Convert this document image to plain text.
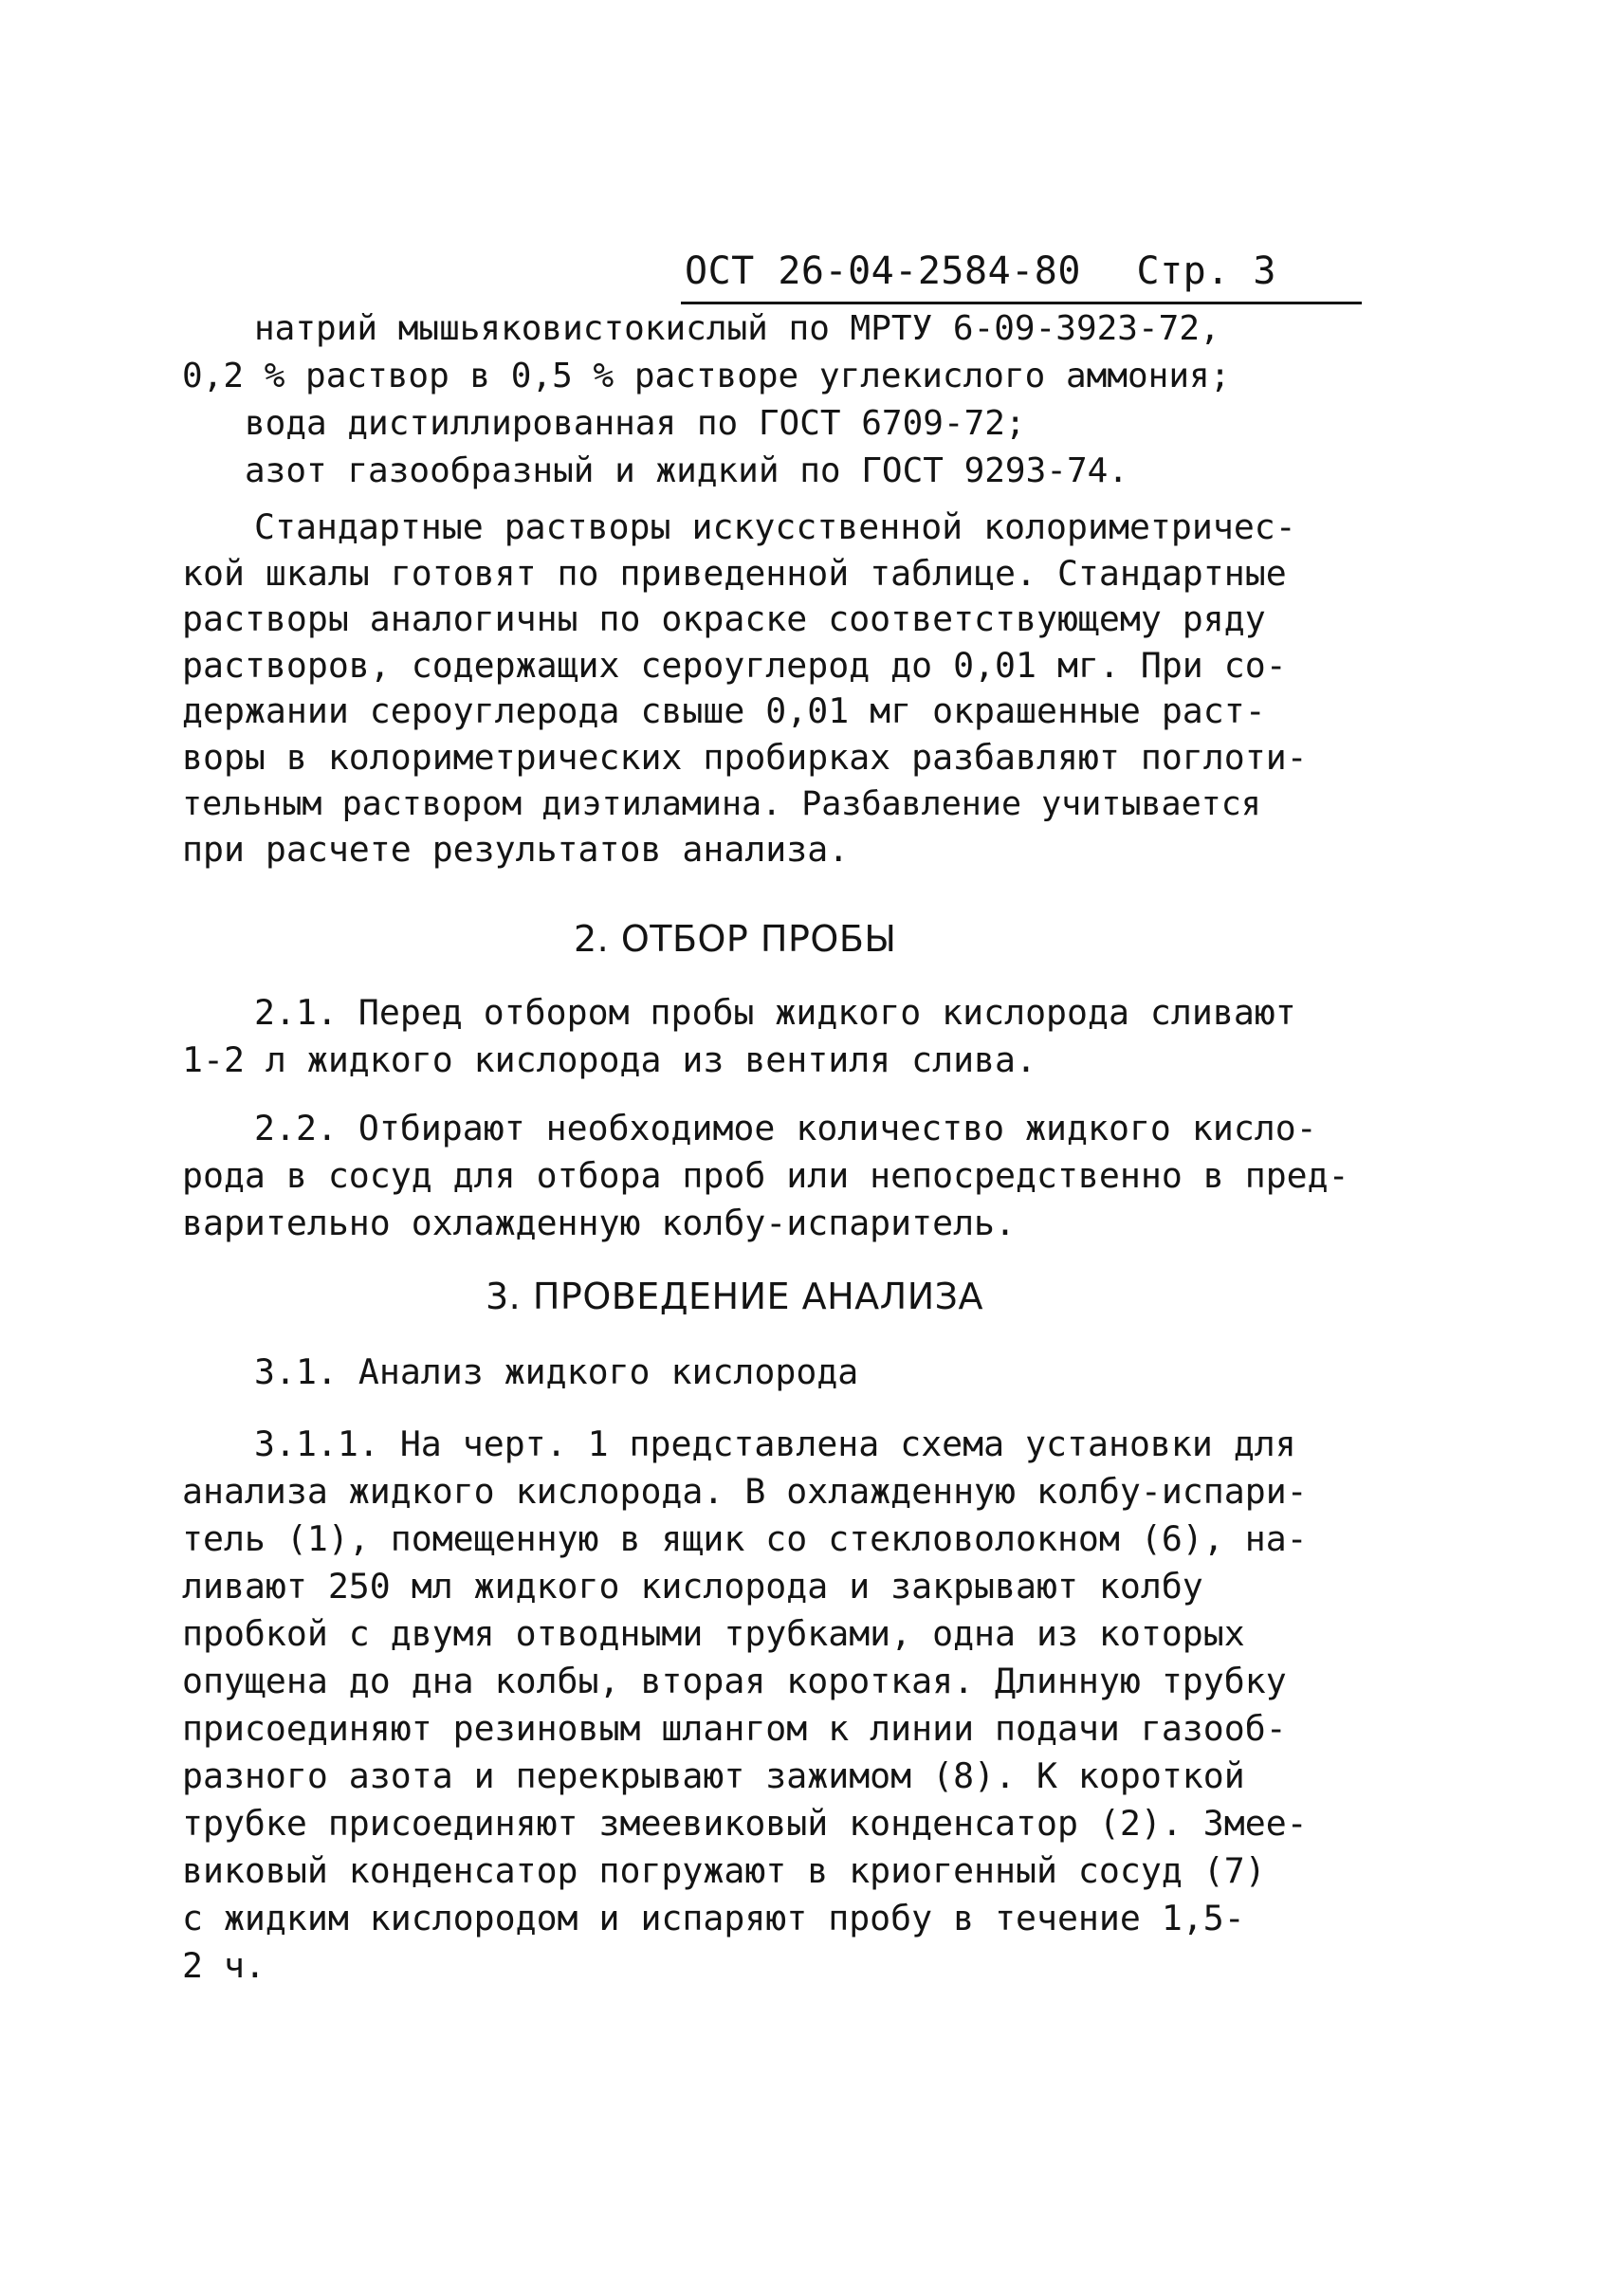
ОСТ 26-04-2584-80 Стр. 3
натрий мышьяковистокислый по МРТУ 6-09-3923-72,
0,2 % раствор в 0,5 % растворе углекислого аммония;
вода дистиллированная по ГОСТ 6709-72;
азот газообразный и жидкий по ГОСТ 9293-74.
Стандартные растворы искусственной колориметричес-
кой шкалы готовят по приведенной таблице. Стандартные
растворы аналогичны по окраске соответствующему ряду
растворов, содержащих сероуглерод до 0,01 мг. При со-
держании сероуглерода свыше 0,01 мг окрашенные раст-
воры в колориметрических пробирках разбавляют поглоти-
тельным раствором диэтиламина. Разбавление учитывается
при расчете результатов анализа.
2. ОТБОР ПРОБЫ
2.1. Перед отбором пробы жидкого кислорода сливают
1-2 л жидкого кислорода из вентиля слива.
2.2. Отбирают необходимое количество жидкого кисло-
рода в сосуд для отбора проб или непосредственно в пред-
варительно охлажденную колбу-испаритель.
3. ПРОВЕДЕНИЕ АНАЛИЗА
3.1. Анализ жидкого кислорода
3.1.1. На черт. 1 представлена схема установки для
анализа жидкого кислорода. В охлажденную колбу-испари-
тель (1), помещенную в ящик со стекловолокном (6), на-
ливают 250 мл жидкого кислорода и закрывают колбу
пробкой с двумя отводными трубками, одна из которых
опущена до дна колбы, вторая короткая. Длинную трубку
присоединяют резиновым шлангом к линии подачи газооб-
разного азота и перекрывают зажимом (8). К короткой
трубке присоединяют змеевиковый конденсатор (2). Змее-
виковый конденсатор погружают в криогенный сосуд (7)
с жидким кислородом и испаряют пробу в течение 1,5-
2 ч.
